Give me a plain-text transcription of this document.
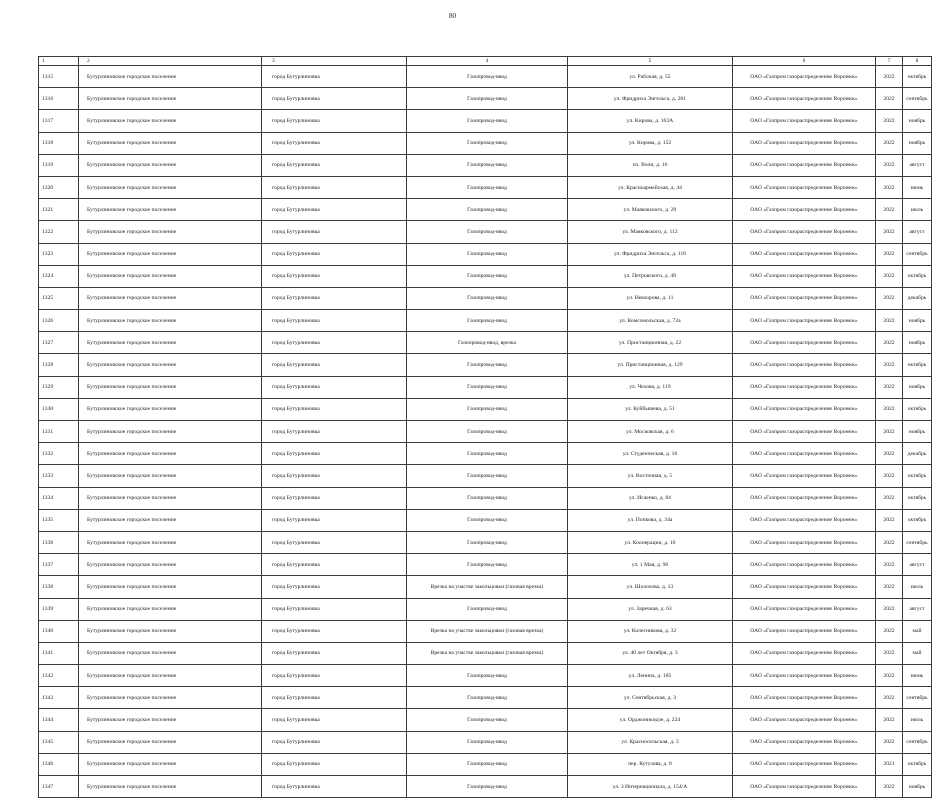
80
1	2	3	4	5	6	7	8
1315	Бутурлиновское городское поселение	город Бутурлиновка	Газопровод-ввод	ул. Рабочая, д. 55	ОАО «Газпром газораспределение Воронеж»	2022	октябрь
1316	Бутурлиновское городское поселение	город Бутурлиновка	Газопровод-ввод	ул. Фридриха Энгельса, д. 201	ОАО «Газпром газораспределение Воронеж»	2022	сентябрь
1317	Бутурлиновское городское поселение	город Бутурлиновка	Газопровод-ввод	ул. Кирова, д. 163А	ОАО «Газпром газораспределение Воронеж»	2022	ноябрь
1318	Бутурлиновское городское поселение	город Бутурлиновка	Газопровод-ввод	ул. Кирова, д. 152	ОАО «Газпром газораспределение Воронеж»	2022	ноябрь
1319	Бутурлиновское городское поселение	город Бутурлиновка	Газопровод-ввод	пл. Воли, д. 16	ОАО «Газпром газораспределение Воронеж»	2022	август
1320	Бутурлиновское городское поселение	город Бутурлиновка	Газопровод-ввод	ул. Красноармейская, д. 44	ОАО «Газпром газораспределение Воронеж»	2022	июнь
1321	Бутурлиновское городское поселение	город Бутурлиновка	Газопровод-ввод	ул. Маяковского, д. 29	ОАО «Газпром газораспределение Воронеж»	2022	июль
1322	Бутурлиновское городское поселение	город Бутурлиновка	Газопровод-ввод	ул. Маяковского, д. 112	ОАО «Газпром газораспределение Воронеж»	2022	август
1323	Бутурлиновское городское поселение	город Бутурлиновка	Газопровод-ввод	ул. Фридриха Энгельса, д. 118	ОАО «Газпром газораспределение Воронеж»	2022	сентябрь
1324	Бутурлиновское городское поселение	город Бутурлиновка	Газопровод-ввод	ул. Петровского, д. 48	ОАО «Газпром газораспределение Воронеж»	2022	октябрь
1325	Бутурлиновское городское поселение	город Бутурлиновка	Газопровод-ввод	ул. Невзорова, д. 11	ОАО «Газпром газораспределение Воронеж»	2022	декабрь
1326	Бутурлиновское городское поселение	город Бутурлиновка	Газопровод-ввод	ул. Комсомольская, д. 72а	ОАО «Газпром газораспределение Воронеж»	2022	ноябрь
1327	Бутурлиновское городское поселение	город Бутурлиновка	Газопровод-ввод, врезка	ул. Пристанционная, д. 22	ОАО «Газпром газораспределение Воронеж»	2022	ноябрь
1328	Бутурлиновское городское поселение	город Бутурлиновка	Газопровод-ввод	ул. Пристанционная, д. 129	ОАО «Газпром газораспределение Воронеж»	2022	октябрь
1329	Бутурлиновское городское поселение	город Бутурлиновка	Газопровод-ввод	ул. Чехова, д. 119	ОАО «Газпром газораспределение Воронеж»	2022	ноябрь
1330	Бутурлиновское городское поселение	город Бутурлиновка	Газопровод-ввод	ул. Куйбышева, д. 51	ОАО «Газпром газораспределение Воронеж»	2022	октябрь
1331	Бутурлиновское городское поселение	город Бутурлиновка	Газопровод-ввод	ул. Московская, д. 6	ОАО «Газпром газораспределение Воронеж»	2022	ноябрь
1332	Бутурлиновское городское поселение	город Бутурлиновка	Газопровод-ввод	ул. Студенческая, д. 16	ОАО «Газпром газораспределение Воронеж»	2022	декабрь
1333	Бутурлиновское городское поселение	город Бутурлиновка	Газопровод-ввод	ул. Восточная, д. 5	ОАО «Газпром газораспределение Воронеж»	2022	октябрь
1334	Бутурлиновское городское поселение	город Бутурлиновка	Газопровод-ввод	ул. Исаенко, д. 84	ОАО «Газпром газораспределение Воронеж»	2022	октябрь
1335	Бутурлиновское городское поселение	город Бутурлиновка	Газопровод-ввод	ул. Попкова, д. 34а	ОАО «Газпром газораспределение Воронеж»	2022	октябрь
1336	Бутурлиновское городское поселение	город Бутурлиновка	Газопровод-ввод	ул. Кооперации, д. 10	ОАО «Газпром газораспределение Воронеж»	2022	сентябрь
1337	Бутурлиновское городское поселение	город Бутурлиновка	Газопровод-ввод	ул. 1 Мая, д. 96	ОАО «Газпром газораспределение Воронеж»	2022	август
1338	Бутурлиновское городское поселение	город Бутурлиновка	Врезка на участке закольцовки (газовая врезка)	ул. Шолохова, д. 13	ОАО «Газпром газораспределение Воронеж»	2022	июль
1339	Бутурлиновское городское поселение	город Бутурлиновка	Газопровод-ввод	ул. Заречная, д. 63	ОАО «Газпром газораспределение Воронеж»	2022	август
1340	Бутурлиновское городское поселение	город Бутурлиновка	Врезка на участке закольцовки (газовая врезка)	ул. Колесникова, д. 32	ОАО «Газпром газораспределение Воронеж»	2022	май
1341	Бутурлиновское городское поселение	город Бутурлиновка	Врезка на участке закольцовки (газовая врезка)	ул. 40 лет Октября, д. 3	ОАО «Газпром газораспределение Воронеж»	2022	май
1342	Бутурлиновское городское поселение	город Бутурлиновка	Газопровод-ввод	ул. Ленина, д. 185	ОАО «Газпром газораспределение Воронеж»	2022	июнь
1343	Бутурлиновское городское поселение	город Бутурлиновка	Газопровод-ввод	ул. Сентябрьская, д. 3	ОАО «Газпром газораспределение Воронеж»	2022	сентябрь
1344	Бутурлиновское городское поселение	город Бутурлиновка	Газопровод-ввод	ул. Орджоникидзе, д. 224	ОАО «Газпром газораспределение Воронеж»	2022	июль
1345	Бутурлиновское городское поселение	город Бутурлиновка	Газопровод-ввод	ул. Красносельская, д. 3	ОАО «Газпром газораспределение Воронеж»	2022	сентябрь
1346	Бутурлиновское городское поселение	город Бутурлиновка	Газопровод-ввод	пер. Кутузова, д. 8	ОАО «Газпром газораспределение Воронеж»	2021	октябрь
1347	Бутурлиновское городское поселение	город Бутурлиновка	Газопровод-ввод	ул. 3 Интернационала, д. 154/А	ОАО «Газпром газораспределение Воронеж»	2022	ноябрь
